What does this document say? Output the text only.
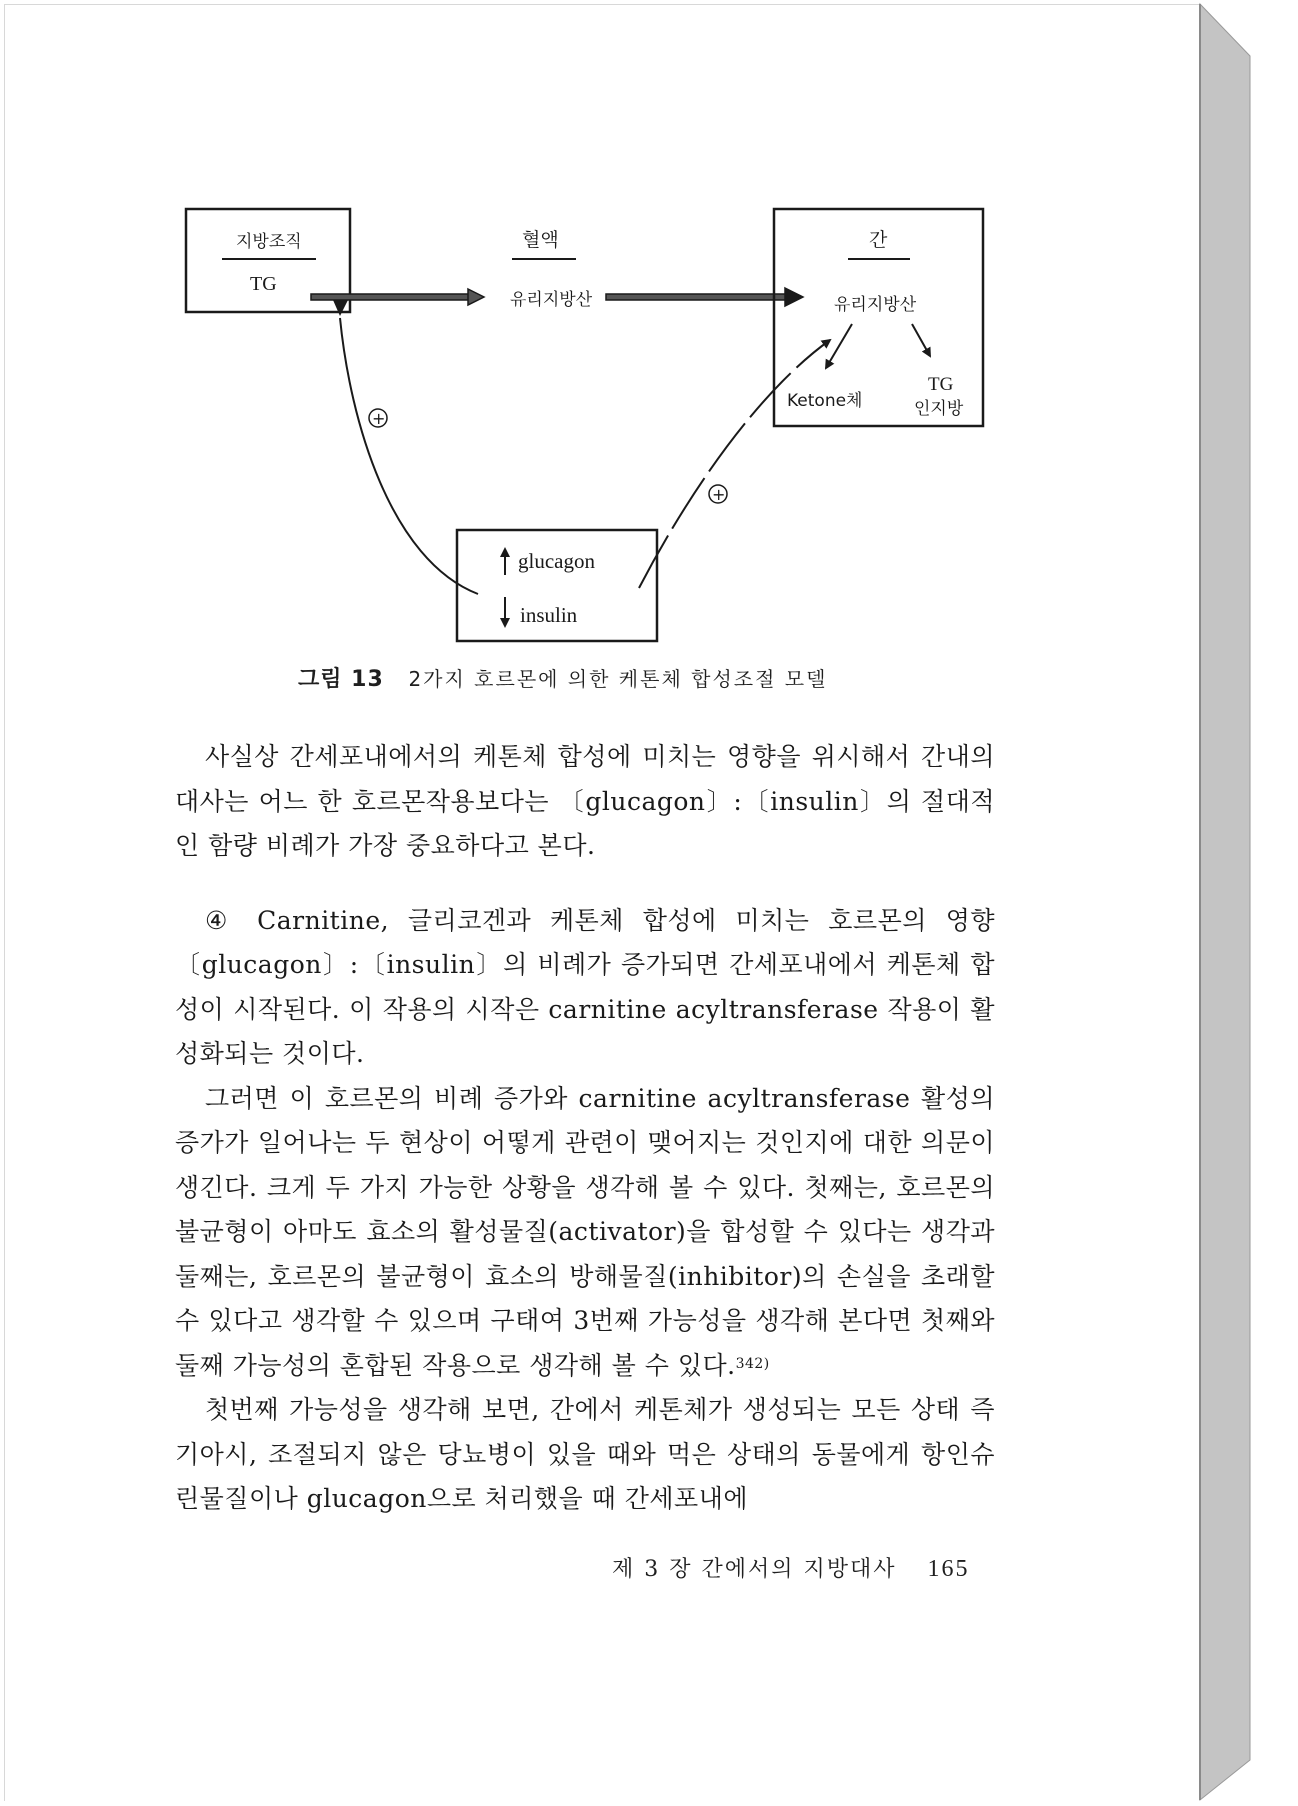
지방조직
TG
혈액
유리지방산
간
유리지방산
Ketone체
TG
인지방
glucagon
insulin
+
+
그림 13 2가지 호르몬에 의한 케톤체 합성조절 모델

사실상 간세포내에서의 케톤체 합성에 미치는 영향을 위시해서 간내의 대사는 어느 한 호르몬작용보다는 〔glucagon〕:〔insulin〕의 절대적인 함량 비례가 가장 중요하다고 본다.

④ Carnitine, 글리코겐과 케톤체 합성에 미치는 호르몬의 영향 〔glucagon〕:〔insulin〕의 비례가 증가되면 간세포내에서 케톤체 합성이 시작된다. 이 작용의 시작은 carnitine acyltransferase 작용이 활성화되는 것이다.

그러면 이 호르몬의 비례 증가와 carnitine acyltransferase 활성의 증가가 일어나는 두 현상이 어떻게 관련이 맺어지는 것인지에 대한 의문이 생긴다. 크게 두 가지 가능한 상황을 생각해 볼 수 있다. 첫째는, 호르몬의 불균형이 아마도 효소의 활성물질(activator)을 합성할 수 있다는 생각과 둘째는, 호르몬의 불균형이 효소의 방해물질(inhibitor)의 손실을 초래할 수 있다고 생각할 수 있으며 구태여 3번째 가능성을 생각해 본다면 첫째와 둘째 가능성의 혼합된 작용으로 생각해 볼 수 있다.$^{342)}$

첫번째 가능성을 생각해 보면, 간에서 케톤체가 생성되는 모든 상태 즉 기아시, 조절되지 않은 당뇨병이 있을 때와 먹은 상태의 동물에게 항인슈린물질이나 glucagon으로 처리했을 때 간세포내에

제 3 장 간에서의 지방대사 165
